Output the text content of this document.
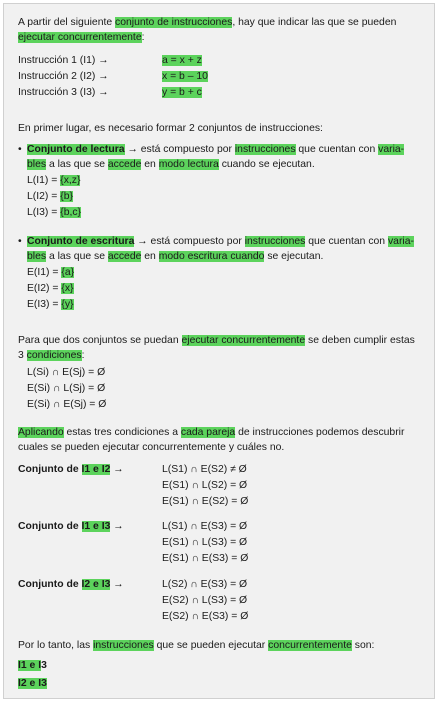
A partir del siguiente conjunto de instrucciones, hay que indicar las que se pueden
ejecutar concurrentemente:
Instrucción 1 (I1) →	a = x + z
Instrucción 2 (I2) →	x = b – 10
Instrucción 3 (I3) →	y = b + c
En primer lugar, es necesario formar 2 conjuntos de instrucciones:
• Conjunto de lectura → está compuesto por instrucciones que cuentan con varia-
bles a las que se accede en modo lectura cuando se ejecutan.
L(I1) = {x,z}
L(I2) = {b}
L(I3) = {b,c}
• Conjunto de escritura → está compuesto por instrucciones que cuentan con varia-
bles a las que se accede en modo escritura cuando se ejecutan.
E(I1) = {a}
E(I2) = {x}
E(I3) = {y}
Para que dos conjuntos se puedan ejecutar concurrentemente se deben cumplir estas
3 condiciones:
L(Si) ∩ E(Sj) = Ø
E(Si) ∩ L(Sj) = Ø
E(Si) ∩ E(Sj) = Ø
Aplicando estas tres condiciones a cada pareja de instrucciones podemos descubrir
cuales se pueden ejecutar concurrentemente y cuáles no.
Conjunto de I1 e I2 →	L(S1) ∩ E(S2) ≠ Ø
E(S1) ∩ L(S2) = Ø
E(S1) ∩ E(S2) = Ø
Conjunto de I1 e I3 →	L(S1) ∩ E(S3) = Ø
E(S1) ∩ L(S3) = Ø
E(S1) ∩ E(S3) = Ø
Conjunto de I2 e I3 →	L(S2) ∩ E(S3) = Ø
E(S2) ∩ L(S3) = Ø
E(S2) ∩ E(S3) = Ø
Por lo tanto, las instrucciones que se pueden ejecutar concurrentemente son:
I1 e I3
I2 e I3
